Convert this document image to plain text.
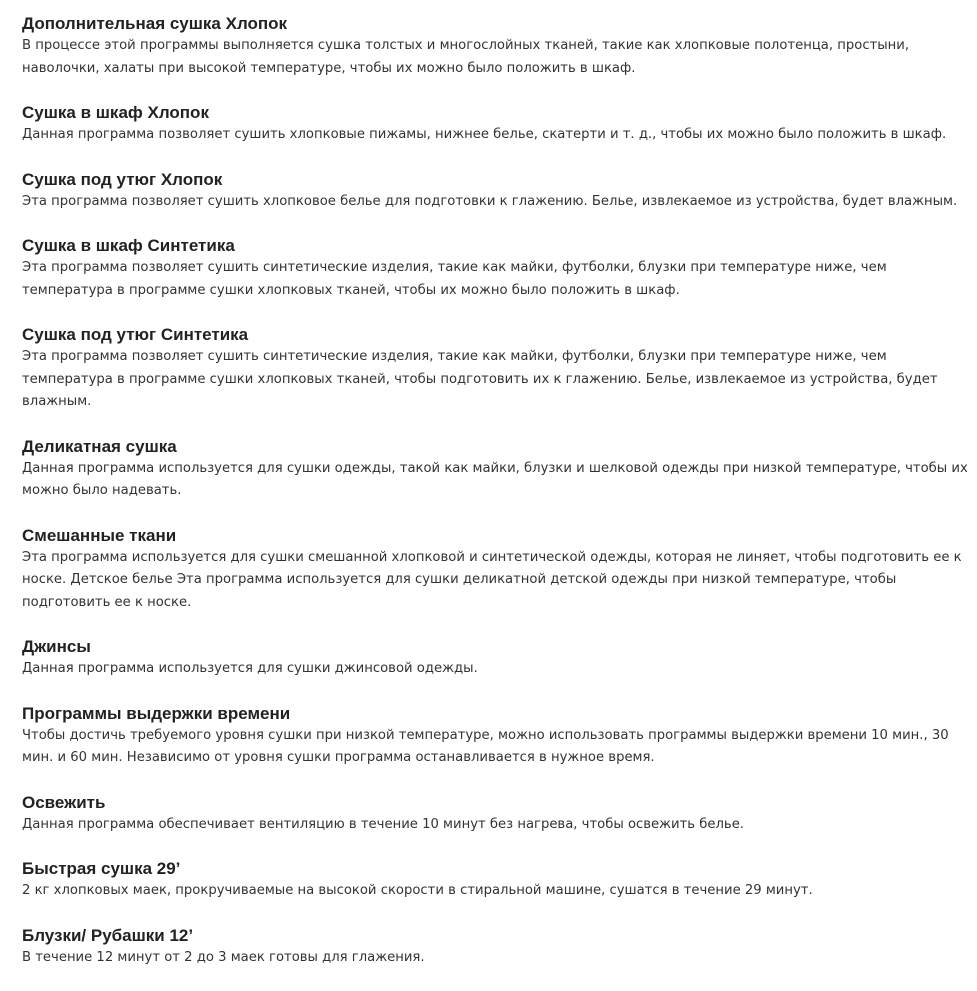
Дополнительная сушка Хлопок
В процессе этой программы выполняется сушка толстых и многослойных тканей, такие как хлопковые полотенца, простыни, наволочки, халаты при высокой температуре, чтобы их можно было положить в шкаф.
Сушка в шкаф Хлопок
Данная программа позволяет сушить хлопковые пижамы, нижнее белье, скатерти и т. д., чтобы их можно было положить в шкаф.
Сушка под утюг Хлопок
Эта программа позволяет сушить хлопковое белье для подготовки к глажению. Белье, извлекаемое из устройства, будет влажным.
Сушка в шкаф Синтетика
Эта программа позволяет сушить синтетические изделия, такие как майки, футболки, блузки при температуре ниже, чем температура в программе сушки хлопковых тканей, чтобы их можно было положить в шкаф.
Сушка под утюг Синтетика
Эта программа позволяет сушить синтетические изделия, такие как майки, футболки, блузки при температуре ниже, чем температура в программе сушки хлопковых тканей, чтобы подготовить их к глажению. Белье, извлекаемое из устройства, будет влажным.
Деликатная сушка
Данная программа используется для сушки одежды, такой как майки, блузки и шелковой одежды при низкой температуре, чтобы их можно было надевать.
Смешанные ткани
Эта программа используется для сушки смешанной хлопковой и синтетической одежды, которая не линяет, чтобы подготовить ее к носке. Детское белье Эта программа используется для сушки деликатной детской одежды при низкой температуре, чтобы подготовить ее к носке.
Джинсы
Данная программа используется для сушки джинсовой одежды.
Программы выдержки времени
Чтобы достичь требуемого уровня сушки при низкой температуре, можно использовать программы выдержки времени 10 мин., 30 мин. и 60 мин. Независимо от уровня сушки программа останавливается в нужное время.
Освежить
Данная программа обеспечивает вентиляцию в течение 10 минут без нагрева, чтобы освежить белье.
Быстрая сушка 29’
2 кг хлопковых маек, прокручиваемые на высокой скорости в стиральной машине, сушатся в течение 29 минут.
Блузки/ Рубашки 12’
В течение 12 минут от 2 до 3 маек готовы для глажения.
